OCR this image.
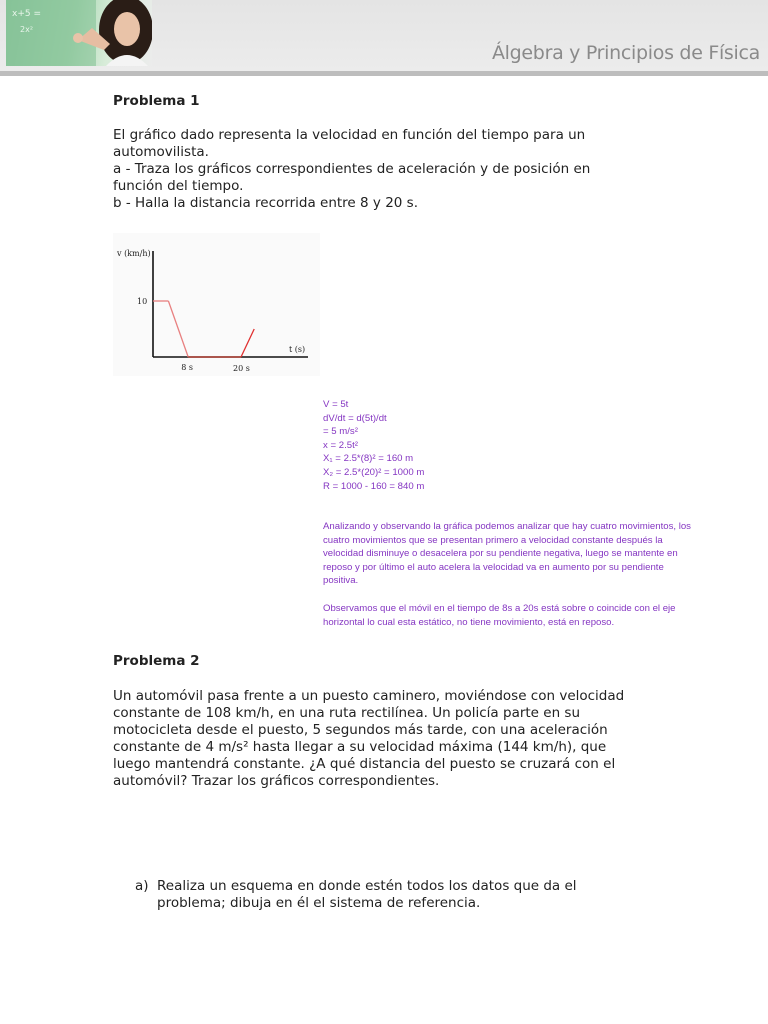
x+5 =
2x²
Álgebra y Principios de Física
Problema 1

El gráfico dado representa la velocidad en función del tiempo para un
automovilista.
a - Traza los gráficos correspondientes de aceleración y de posición en
función del tiempo.
b - Halla la distancia recorrida entre 8 y 20 s.

v (km/h)
t (s)
10
8 s	20 s
V = 5t
dV/dt = d(5t)/dt
= 5 m/s²
x = 2.5t²
X₁ = 2.5*(8)² = 160 m
X₂ = 2.5*(20)² = 1000 m
R = 1000 - 160 = 840 m
Analizando y observando la gráfica podemos analizar que hay cuatro movimientos, los
cuatro movimientos que se presentan primero a velocidad constante después la
velocidad disminuye o desacelera por su pendiente negativa, luego se mantente en
reposo y por último el auto acelera la velocidad va en aumento por su pendiente
positiva.
Observamos que el móvil en el tiempo de 8s a 20s está sobre o coincide con el eje
horizontal lo cual esta estático, no tiene movimiento, está en reposo.
Problema 2

Un automóvil pasa frente a un puesto caminero, moviéndose con velocidad
constante de 108 km/h, en una ruta rectilínea. Un policía parte en su
motocicleta desde el puesto, 5 segundos más tarde, con una aceleración
constante de 4 m/s² hasta llegar a su velocidad máxima (144 km/h), que
luego mantendrá constante. ¿A qué distancia del puesto se cruzará con el
automóvil? Trazar los gráficos correspondientes.

a) Realiza un esquema en donde estén todos los datos que da el
problema; dibuja en él el sistema de referencia.
